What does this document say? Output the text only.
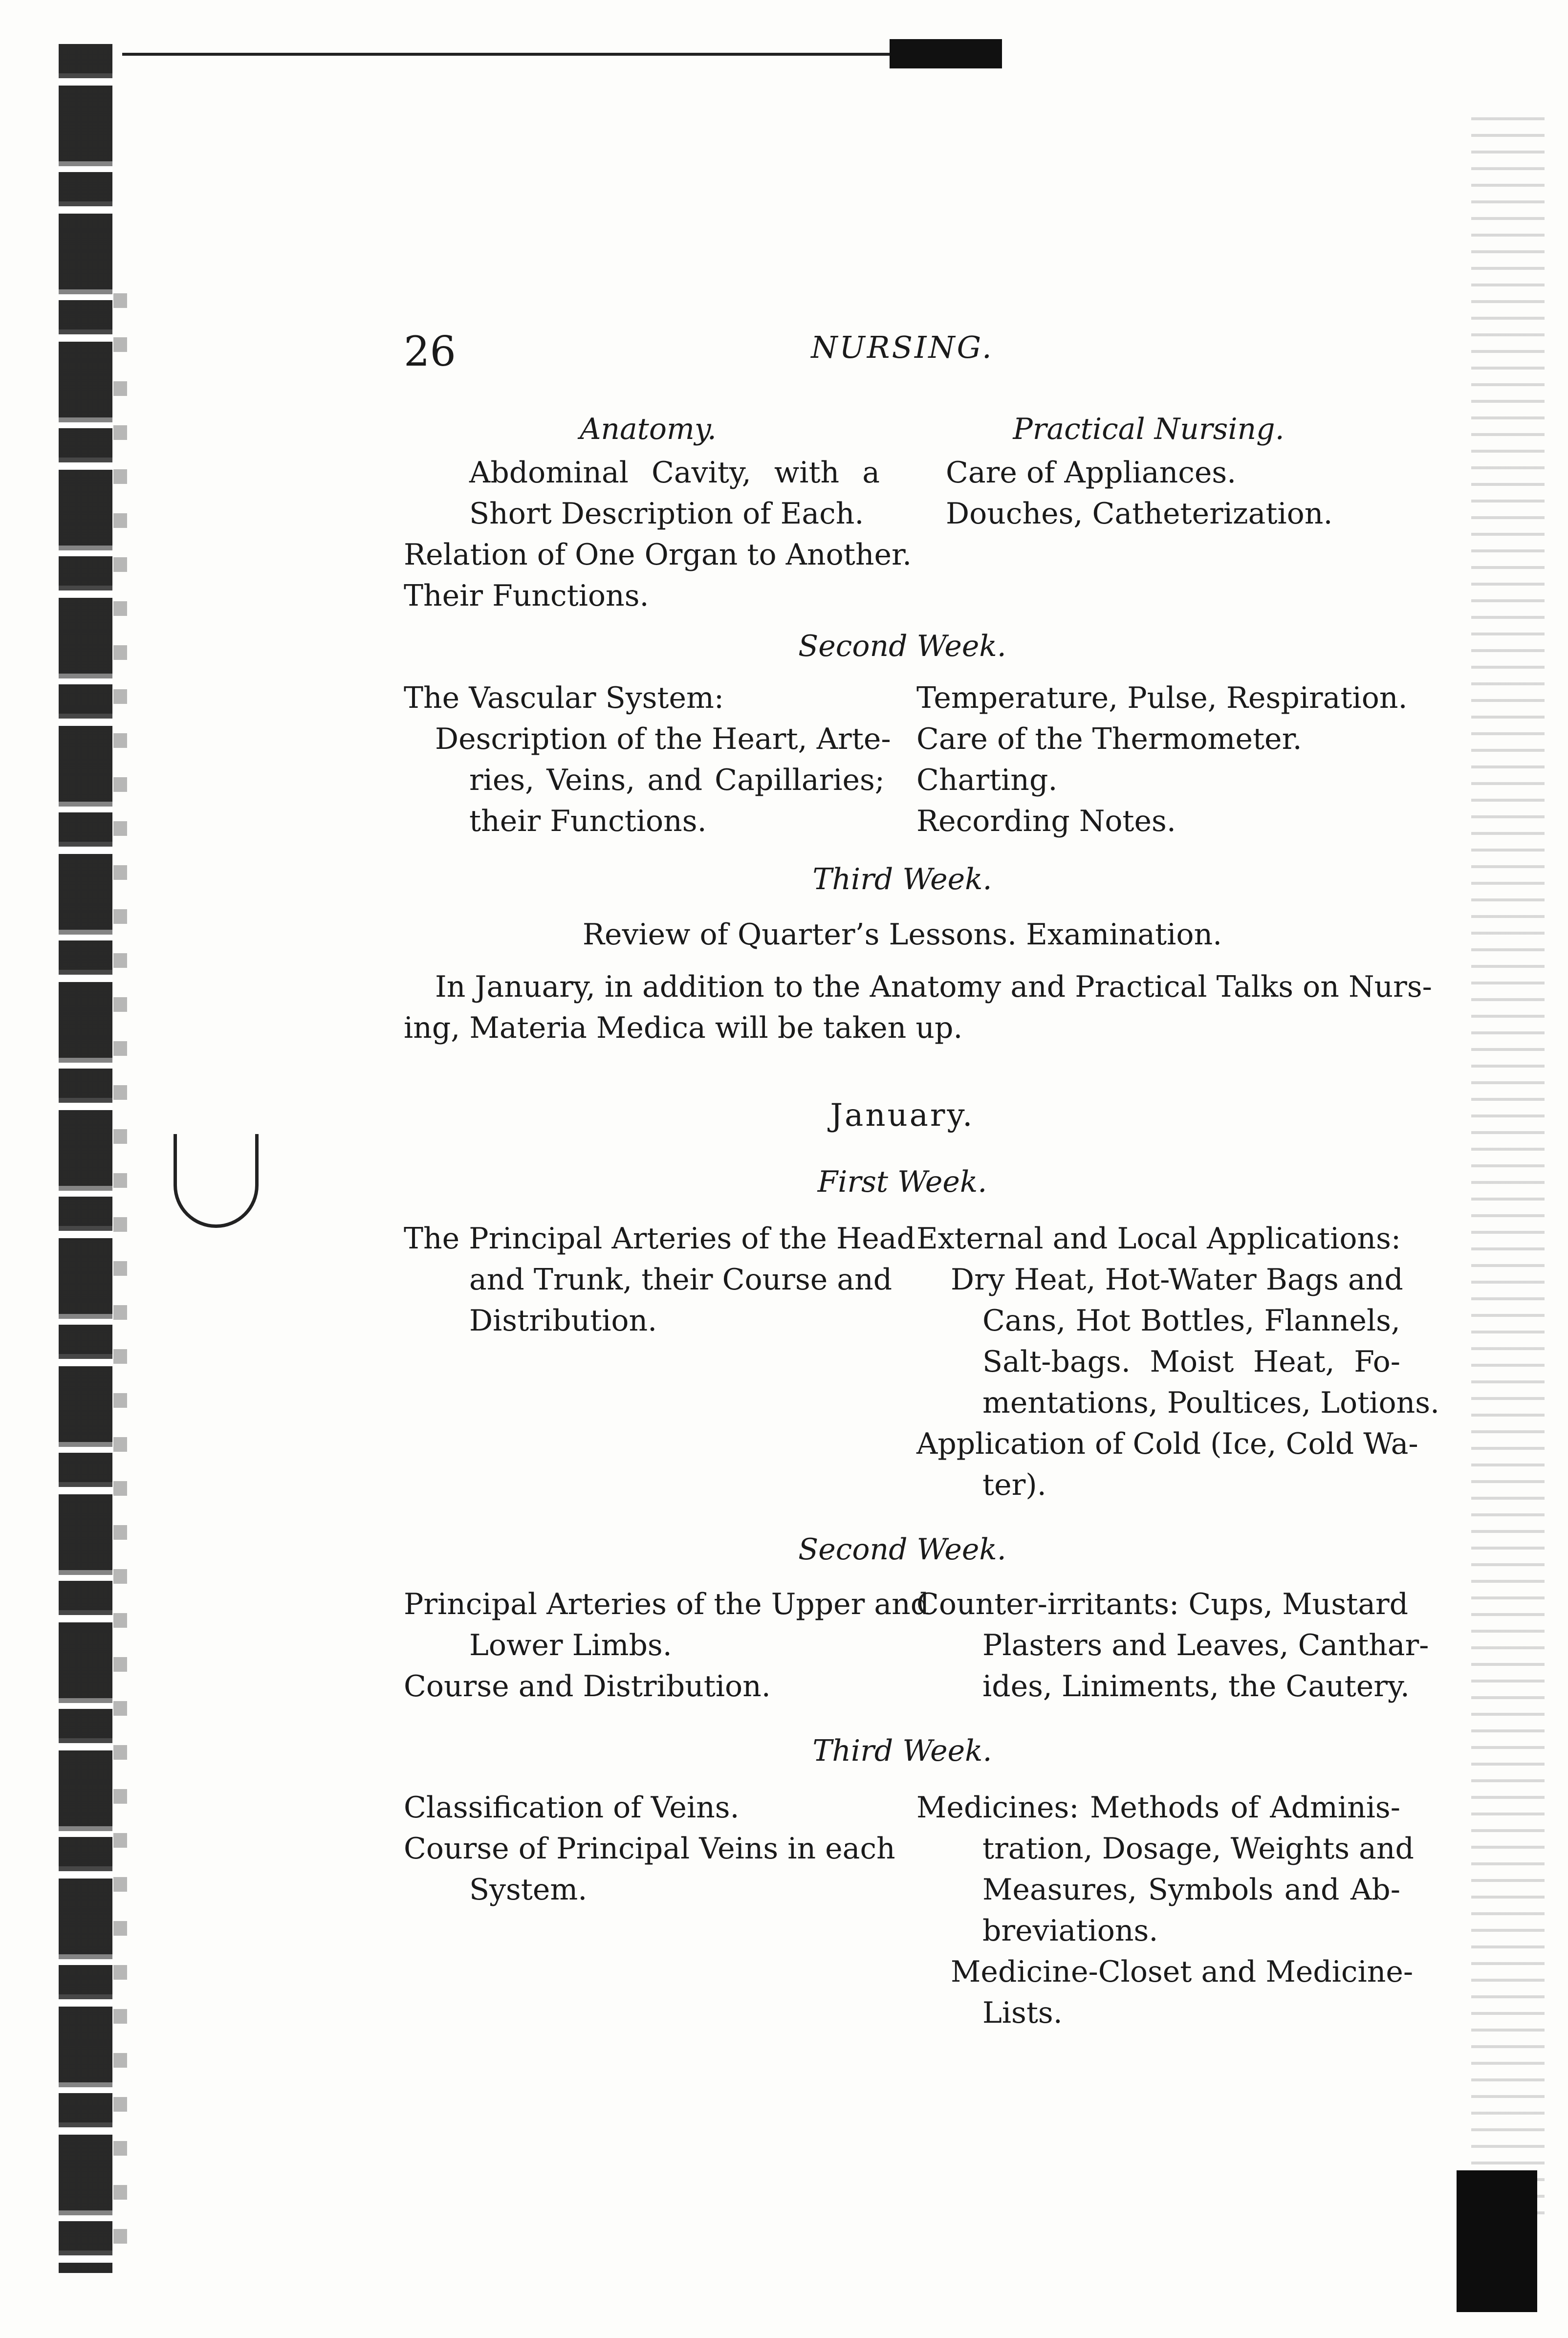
26	NURSING.
Anatomy.	Practical Nursing.
Abdominal Cavity, with a
Short Description of Each.
Relation of One Organ to Another.
Their Functions.
Care of Appliances.
Douches, Catheterization.
Second Week.
The Vascular System:
Description of the Heart, Arte-
ries, Veins, and Capillaries;
their Functions.
Temperature, Pulse, Respiration.
Care of the Thermometer.
Charting.
Recording Notes.
Third Week.
Review of Quarter’s Lessons. Examination.
In January, in addition to the Anatomy and Practical Talks on Nurs-
ing, Materia Medica will be taken up.
January.
First Week.
The Principal Arteries of the Head
and Trunk, their Course and
Distribution.
External and Local Applications:
Dry Heat, Hot-Water Bags and
Cans, Hot Bottles, Flannels,
Salt-bags. Moist Heat, Fo-
mentations, Poultices, Lotions.
Application of Cold (Ice, Cold Wa-
ter).
Second Week.
Principal Arteries of the Upper and
Lower Limbs.
Course and Distribution.
Counter-irritants: Cups, Mustard
Plasters and Leaves, Canthar-
ides, Liniments, the Cautery.
Third Week.
Classification of Veins.
Course of Principal Veins in each
System.
Medicines: Methods of Adminis-
tration, Dosage, Weights and
Measures, Symbols and Ab-
breviations.
Medicine-Closet and Medicine-
Lists.
